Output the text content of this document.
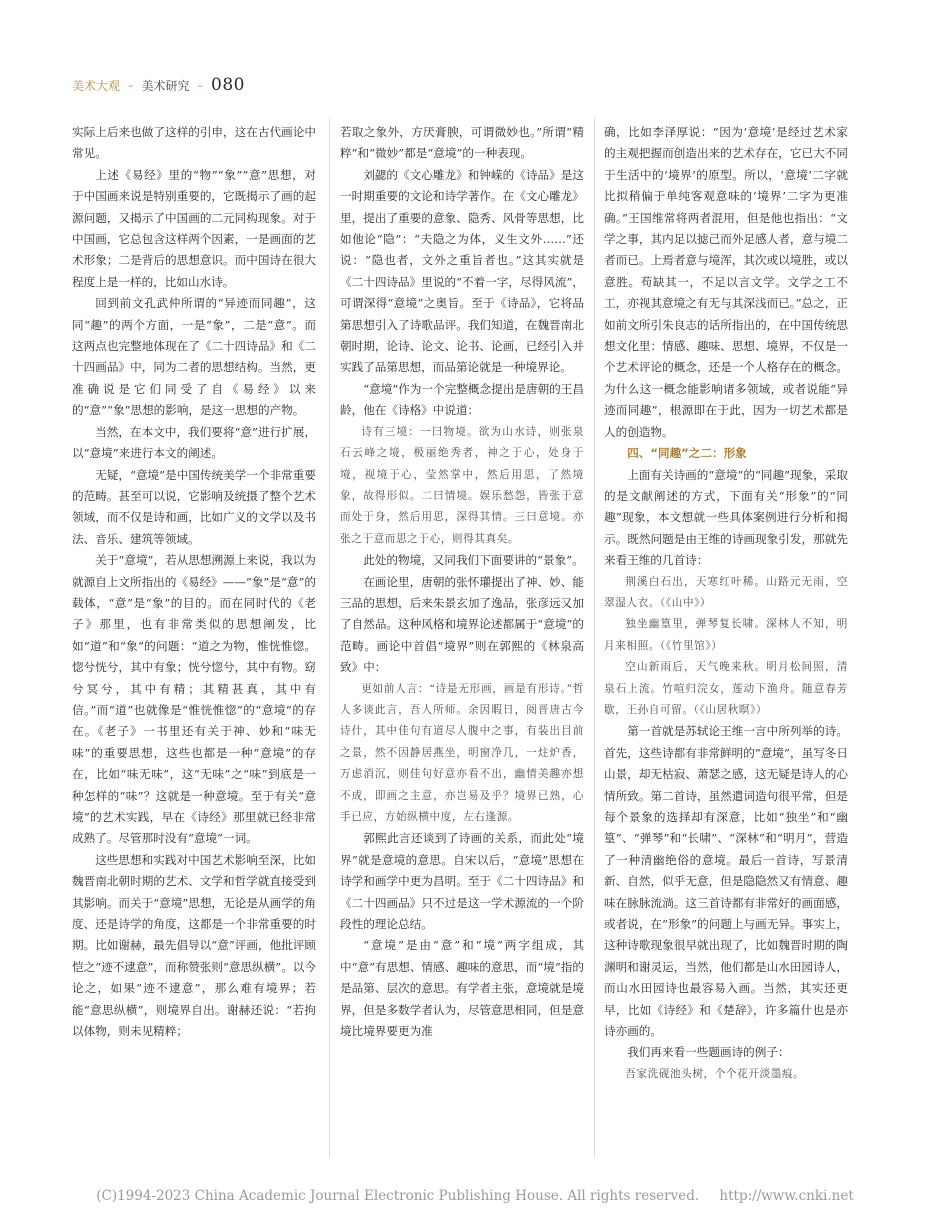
美术大观 – 美术研究 – 080

实际上后来也做了这样的引申，这在古代画论中常见。

上述《易经》里的“物”“象”“意”思想，对于中国画来说是特别重要的，它既揭示了画的起源问题，又揭示了中国画的二元同构现象。对于中国画，它总包含这样两个因素，一是画面的艺术形象；二是背后的思想意识。而中国诗在很大程度上是一样的，比如山水诗。

回到前文孔武仲所谓的“异迹而同趣”，这同“趣”的两个方面，一是“象”，二是“意”。而这两点也完整地体现在了《二十四诗品》和《二十四画品》中，同为二者的思想结构。当然，更准确说是它们同受了自《易经》以来的“意”“象”思想的影响，是这一思想的产物。

当然，在本文中，我们要将“意”进行扩展，以“意境”来进行本文的阐述。

无疑，“意境”是中国传统美学一个非常重要的范畴。甚至可以说，它影响及统摄了整个艺术领域，而不仅是诗和画，比如广义的文学以及书法、音乐、建筑等领域。

关于“意境”，若从思想溯源上来说，我以为就源自上文所指出的《易经》——“象”是“意”的载体，“意”是“象”的目的。而在同时代的《老子》那里，也有非常类似的思想阐发，比如“道”和“象”的问题：“道之为物，惟恍惟惚。惚兮恍兮，其中有象；恍兮惚兮，其中有物。窈兮冥兮，其中有精；其精甚真，其中有信。”而“道”也就像是“惟恍惟惚”的“意境”的存在。《老子》一书里还有关于神、妙和“味无味”的重要思想，这些也都是一种“意境”的存在，比如“味无味”，这“无味”之“味”到底是一种怎样的“味”？这就是一种意境。至于有关“意境”的艺术实践，早在《诗经》那里就已经非常成熟了。尽管那时没有“意境”一词。

这些思想和实践对中国艺术影响至深，比如魏晋南北朝时期的艺术、文学和哲学就直接受到其影响。而关于“意境”思想，无论是从画学的角度、还是诗学的角度，这都是一个非常重要的时期。比如谢赫，最先倡导以“意”评画，他批评顾恺之“迹不逮意”，而称赞张则“意思纵横”。以今论之，如果“迹不逮意”，那么难有境界；若能“意思纵横”，则境界自出。谢赫还说：“若拘以体物，则未见精粹；

若取之象外，方厌膏腴，可谓微妙也。”所谓“精粹”和“微妙”都是“意境”的一种表现。

刘勰的《文心雕龙》和钟嵘的《诗品》是这一时期重要的文论和诗学著作。在《文心雕龙》里，提出了重要的意象、隐秀、风骨等思想，比如他论“隐”：“夫隐之为体，义生文外……”还说：“隐也者，文外之重旨者也。”这其实就是《二十四诗品》里说的“不着一字，尽得风流”，可谓深得“意境”之奥旨。至于《诗品》，它将品第思想引入了诗歌品评。我们知道，在魏晋南北朝时期，论诗、论文、论书、论画，已经引入并实践了品第思想，而品第论就是一种境界论。

“意境”作为一个完整概念提出是唐朝的王昌龄，他在《诗格》中说道：

诗有三境：一曰物境。欲为山水诗，则张泉石云峰之境，极丽绝秀者，神之于心，处身于境，视境于心，莹然掌中，然后用思，了然境象，故得形似。二曰情境。娱乐愁怨，皆张于意而处于身，然后用思，深得其情。三曰意境。亦张之于意而思之于心，则得其真矣。

此处的物境，又同我们下面要讲的“景象”。

在画论里，唐朝的张怀瓘提出了神、妙、能三品的思想，后来朱景玄加了逸品，张彦远又加了自然品。这种风格和境界论述都属于“意境”的范畴。画论中首倡“境界”则在郭熙的《林泉高致》中：

更如前人言：“诗是无形画，画是有形诗。”哲人多谈此言，吾人所师。余因暇日，阅晋唐古今诗什，其中佳句有道尽人腹中之事，有装出目前之景，然不因静居燕坐，明窗净几，一炷炉香，万虑消沉，则佳句好意亦看不出，幽情美趣亦想不成，即画之主意，亦岂易及乎？境界已熟，心手已应，方始纵横中度，左右逢源。

郭熙此言还谈到了诗画的关系，而此处“境界”就是意境的意思。自宋以后，“意境”思想在诗学和画学中更为昌明。至于《二十四诗品》和《二十四画品》只不过是这一学术源流的一个阶段性的理论总结。

“意境”是由“意”和“境”两字组成，其中“意”有思想、情感、趣味的意思，而“境”指的是品第、层次的意思。有学者主张，意境就是境界，但是多数学者认为，尽管意思相同，但是意境比境界要更为准

确，比如李泽厚说：“因为‘意境’是经过艺术家的主观把握而创造出来的艺术存在，它已大不同于生活中的‘境界’的原型。所以，‘意境’二字就比拟稍偏于单纯客观意味的‘境界’二字为更准确。”王国维常将两者混用，但是他也指出：“文学之事，其内足以摅己而外足感人者，意与境二者而已。上焉者意与境浑，其次或以境胜，或以意胜。苟缺其一，不足以言文学。文学之工不工，亦视其意境之有无与其深浅而已。”总之，正如前文所引朱良志的话所指出的，在中国传统思想文化里：情感、趣味、思想、境界，不仅是一个艺术评论的概念，还是一个人格存在的概念。为什么这一概念能影响诸多领域，或者说能“异迹而同趣”，根源即在于此，因为一切艺术都是人的创造物。

四、“同趣”之二：形象

上面有关诗画的“意境”的“同趣”现象，采取的是文献阐述的方式，下面有关“形象”的“同趣”现象，本文想就一些具体案例进行分析和揭示。既然问题是由王维的诗画现象引发，那就先来看王维的几首诗：

荆溪白石出，天寒红叶稀。山路元无雨，空翠湿人衣。（《山中》）

独坐幽篁里，弹琴复长啸。深林人不知，明月来相照。（《竹里馆》）

空山新雨后，天气晚来秋。明月松间照，清泉石上流。竹喧归浣女，莲动下渔舟。随意春芳歇，王孙自可留。（《山居秋暝》）

第一首就是苏轼论王维一言中所列举的诗。首先，这些诗都有非常鲜明的“意境”，虽写冬日山景，却无枯寂、萧瑟之感，这无疑是诗人的心情所致。第二首诗，虽然遣词造句很平常，但是每个景象的选择却有深意，比如“独坐”和“幽篁”、“弹琴”和“长啸”、“深林”和“明月”，营造了一种清幽绝俗的意境。最后一首诗，写景清新、自然，似乎无意，但是隐隐然又有情意、趣味在脉脉流淌。这三首诗都有非常好的画面感，或者说，在“形象”的问题上与画无异。事实上，这种诗歌现象很早就出现了，比如魏晋时期的陶渊明和谢灵运，当然，他们都是山水田园诗人，而山水田园诗也最容易入画。当然，其实还更早，比如《诗经》和《楚辞》，许多篇什也是亦诗亦画的。

我们再来看一些题画诗的例子：

吾家洗砚池头树，个个花开淡墨痕。

(C)1994-2023 China Academic Journal Electronic Publishing House. All rights reserved. http://www.cnki.net
